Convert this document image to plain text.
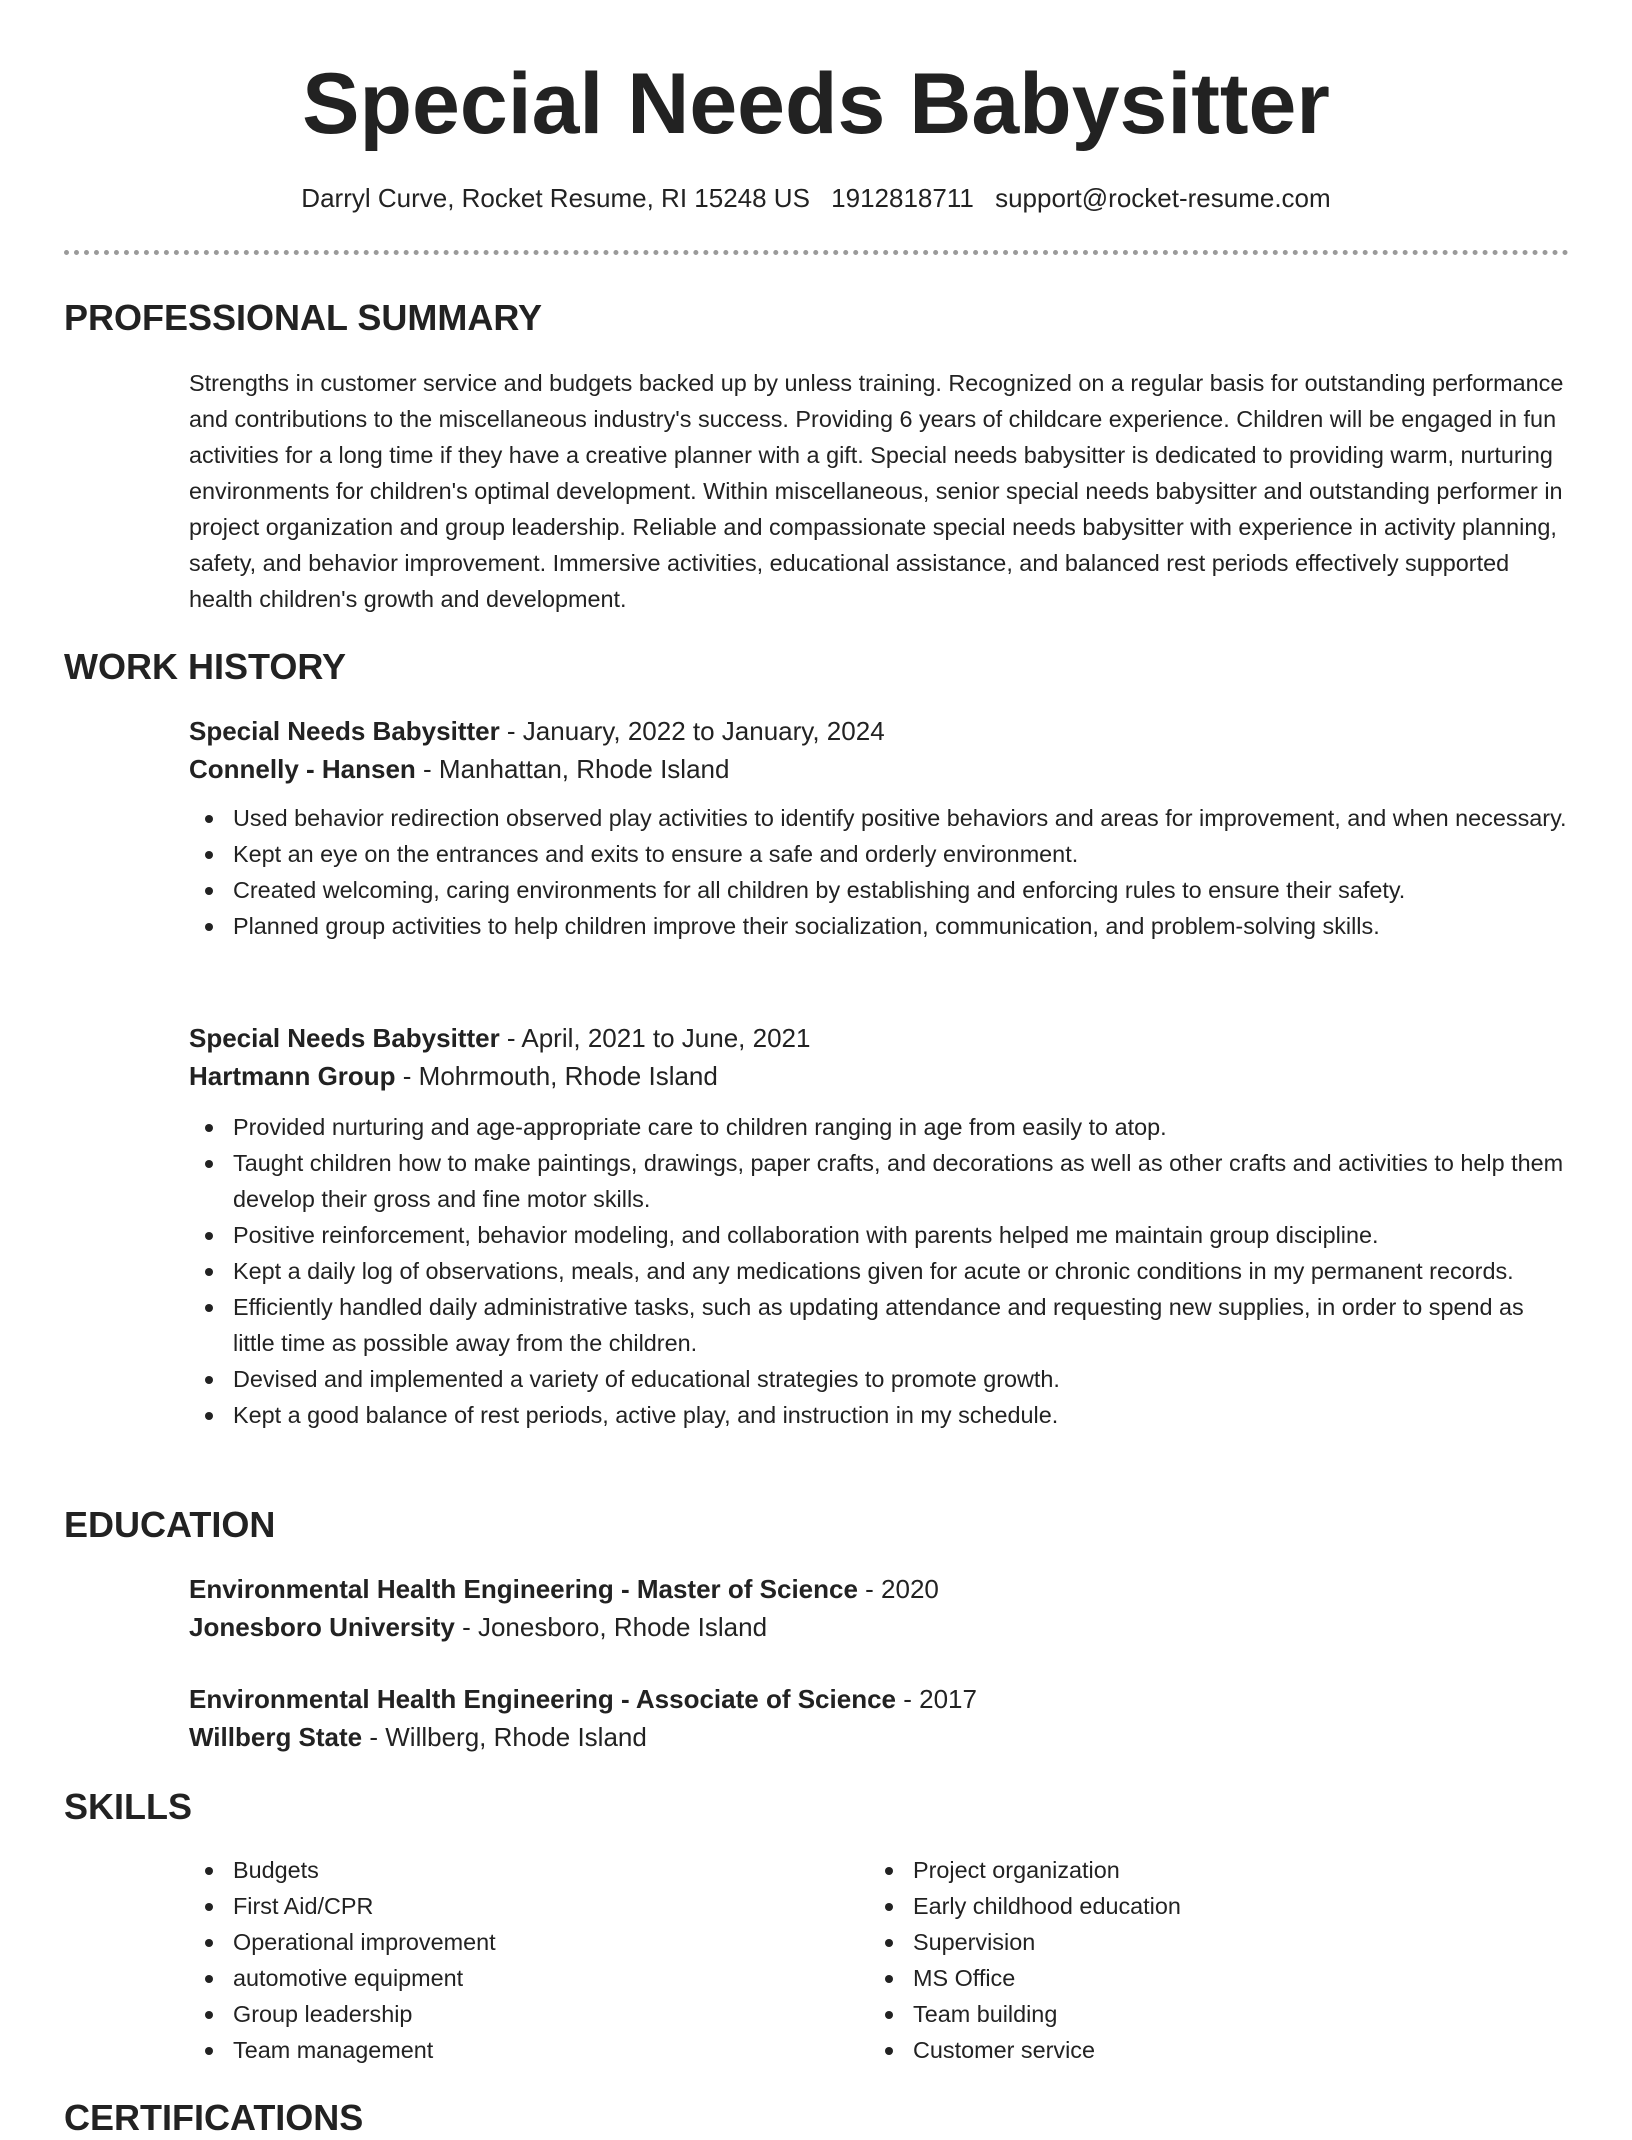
Special Needs Babysitter
Darryl Curve, Rocket Resume, RI 15248 US 1912818711 support@rocket-resume.com
PROFESSIONAL SUMMARY

Strengths in customer service and budgets backed up by unless training. Recognized on a regular basis for outstanding performance and contributions to the miscellaneous industry's success. Providing 6 years of childcare experience. Children will be engaged in fun activities for a long time if they have a creative planner with a gift. Special needs babysitter is dedicated to providing warm, nurturing environments for children's optimal development. Within miscellaneous, senior special needs babysitter and outstanding performer in project organization and group leadership. Reliable and compassionate special needs babysitter with experience in activity planning, safety, and behavior improvement. Immersive activities, educational assistance, and balanced rest periods effectively supported health children's growth and development.

WORK HISTORY
Special Needs Babysitter - January, 2022 to January, 2024
Connelly - Hansen - Manhattan, Rhode Island
Used behavior redirection observed play activities to identify positive behaviors and areas for improvement, and when necessary.
Kept an eye on the entrances and exits to ensure a safe and orderly environment.
Created welcoming, caring environments for all children by establishing and enforcing rules to ensure their safety.
Planned group activities to help children improve their socialization, communication, and problem-solving skills.
Special Needs Babysitter - April, 2021 to June, 2021
Hartmann Group - Mohrmouth, Rhode Island
Provided nurturing and age-appropriate care to children ranging in age from easily to atop.
Taught children how to make paintings, drawings, paper crafts, and decorations as well as other crafts and activities to help them develop their gross and fine motor skills.
Positive reinforcement, behavior modeling, and collaboration with parents helped me maintain group discipline.
Kept a daily log of observations, meals, and any medications given for acute or chronic conditions in my permanent records.
Efficiently handled daily administrative tasks, such as updating attendance and requesting new supplies, in order to spend as little time as possible away from the children.
Devised and implemented a variety of educational strategies to promote growth.
Kept a good balance of rest periods, active play, and instruction in my schedule.
EDUCATION
Environmental Health Engineering - Master of Science - 2020
Jonesboro University - Jonesboro, Rhode Island
Environmental Health Engineering - Associate of Science - 2017
Willberg State - Willberg, Rhode Island
SKILLS
Budgets
First Aid/CPR
Operational improvement
automotive equipment
Group leadership
Team management
Project organization
Early childhood education
Supervision
MS Office
Team building
Customer service
CERTIFICATIONS
